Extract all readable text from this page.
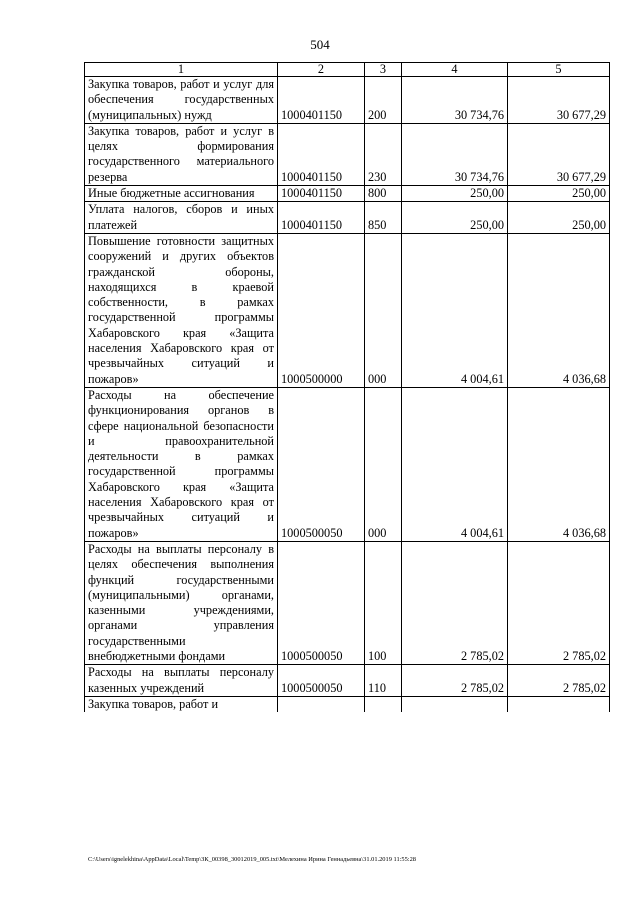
504
1	2	3	4	5
Закупка товаров, работ и услуг для обеспечения государственных (муниципальных) нужд	1000401150	200	30 734,76	30 677,29
Закупка товаров, работ и услуг в целях формирования государственного материального резерва	1000401150	230	30 734,76	30 677,29
Иные бюджетные ассигнования	1000401150	800	250,00	250,00
Уплата налогов, сборов и иных платежей	1000401150	850	250,00	250,00
Повышение готовности защитных сооружений и других объектов гражданской обороны, находящихся в краевой собственности, в рамках государственной программы Хабаровского края «Защита населения Хабаровского края от чрезвычайных ситуаций и пожаров»	1000500000	000	4 004,61	4 036,68
Расходы на обеспечение функционирования органов в сфере национальной безопасности и правоохранительной деятельности в рамках государственной программы Хабаровского края «Защита населения Хабаровского края от чрезвычайных ситуаций и пожаров»	1000500050	000	4 004,61	4 036,68
Расходы на выплаты персоналу в целях обеспечения выполнения функций государственными (муниципальными) органами, казенными учреждениями, органами управления государственными внебюджетными фондами	1000500050	100	2 785,02	2 785,02
Расходы на выплаты персоналу казенных учреждений	1000500050	110	2 785,02	2 785,02
Закупка товаров, работ и				
C:\Users\ignelekhina\AppData\Local\Temp\ЗК_00398_30012019_005.txt\Мелехина Ирина Геннадьевна\31.01.2019 11:55:28
